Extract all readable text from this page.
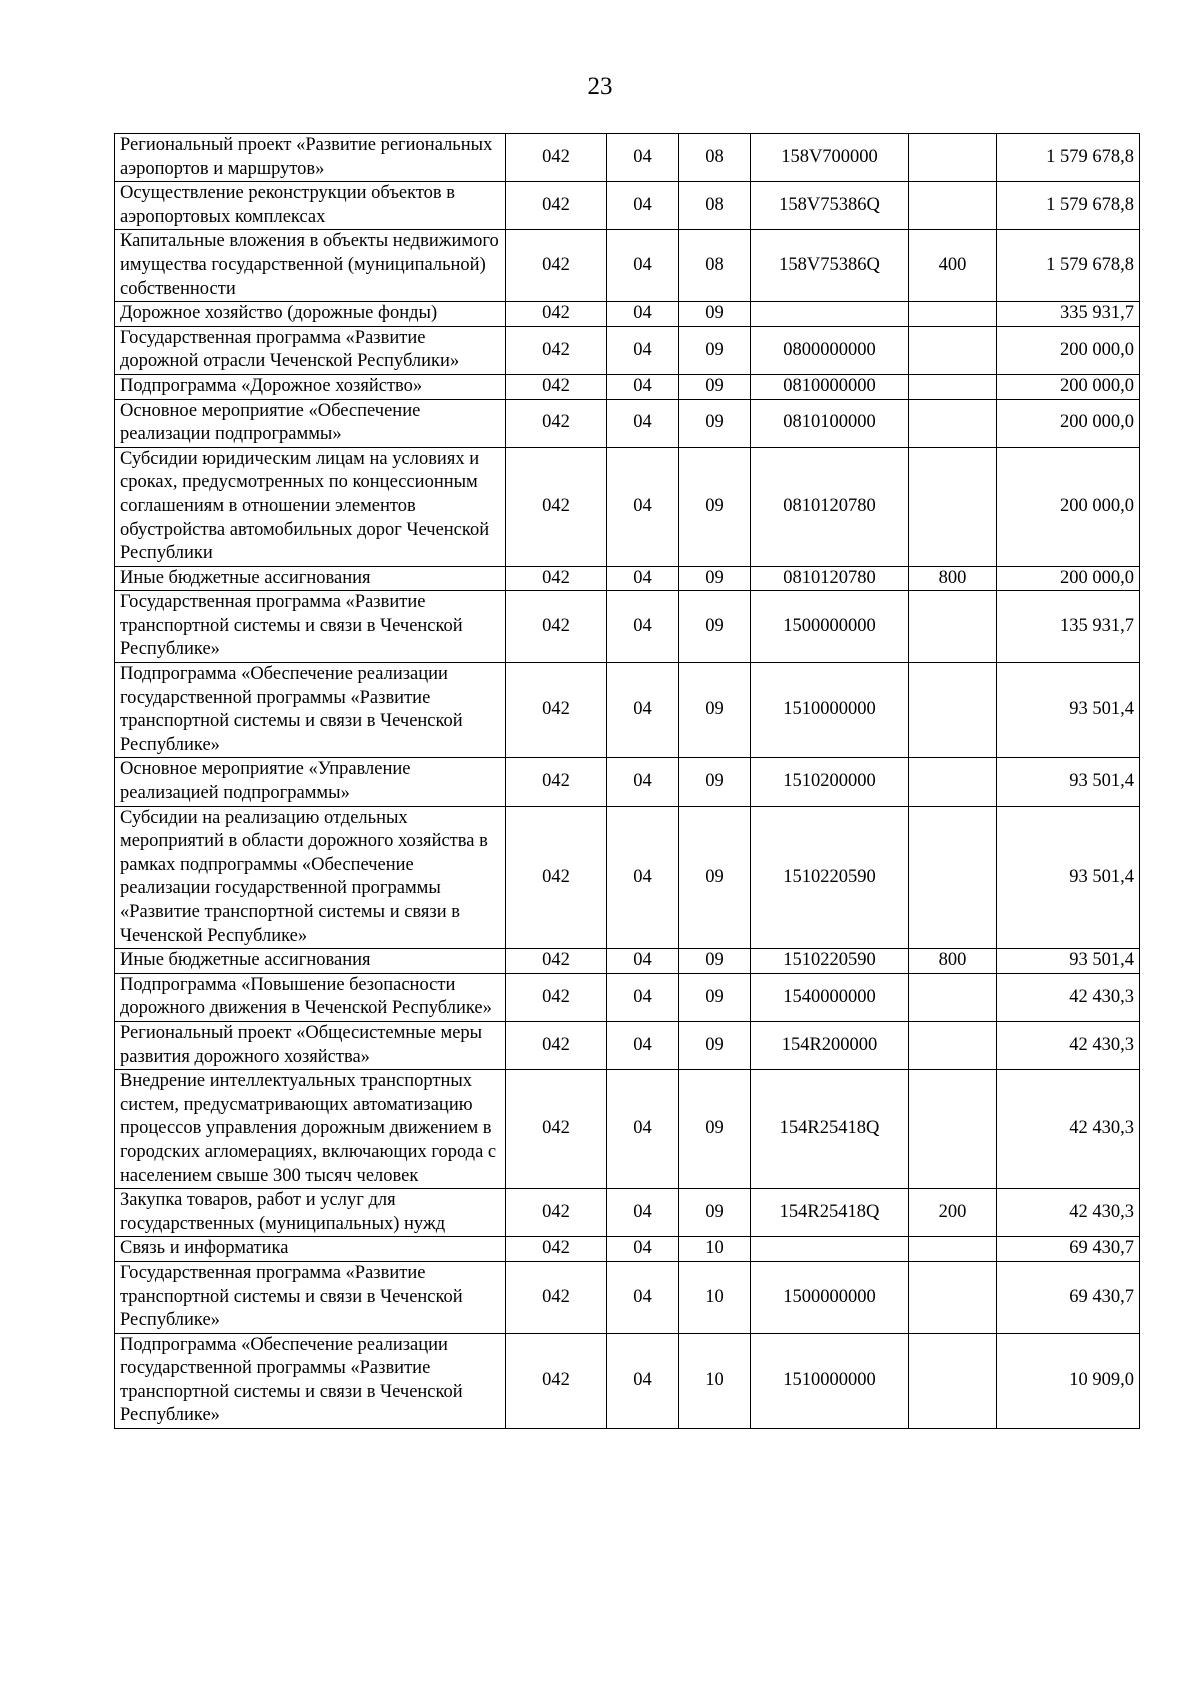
23
Региональный проект «Развитие региональных аэропортов и маршрутов»	042	04	08	158V700000		1 579 678,8
Осуществление реконструкции объектов в аэропортовых комплексах	042	04	08	158V75386Q		1 579 678,8
Капитальные вложения в объекты недвижимого имущества государственной (муниципальной) собственности	042	04	08	158V75386Q	400	1 579 678,8
Дорожное хозяйство (дорожные фонды)	042	04	09			335 931,7
Государственная программа «Развитие дорожной отрасли Чеченской Республики»	042	04	09	0800000000		200 000,0
Подпрограмма «Дорожное хозяйство»	042	04	09	0810000000		200 000,0
Основное мероприятие «Обеспечение реализации подпрограммы»	042	04	09	0810100000		200 000,0
Субсидии юридическим лицам на условиях и сроках, предусмотренных по концессионным соглашениям в отношении элементов обустройства автомобильных дорог Чеченской Республики	042	04	09	0810120780		200 000,0
Иные бюджетные ассигнования	042	04	09	0810120780	800	200 000,0
Государственная программа «Развитие транспортной системы и связи в Чеченской Республике»	042	04	09	1500000000		135 931,7
Подпрограмма «Обеспечение реализации государственной программы «Развитие транспортной системы и связи в Чеченской Республике»	042	04	09	1510000000		93 501,4
Основное мероприятие «Управление реализацией подпрограммы»	042	04	09	1510200000		93 501,4
Субсидии на реализацию отдельных мероприятий в области дорожного хозяйства в рамках подпрограммы «Обеспечение реализации государственной программы «Развитие транспортной системы и связи в Чеченской Республике»	042	04	09	1510220590		93 501,4
Иные бюджетные ассигнования	042	04	09	1510220590	800	93 501,4
Подпрограмма «Повышение безопасности дорожного движения в Чеченской Республике»	042	04	09	1540000000		42 430,3
Региональный проект «Общесистемные меры развития дорожного хозяйства»	042	04	09	154R200000		42 430,3
Внедрение интеллектуальных транспортных систем, предусматривающих автоматизацию процессов управления дорожным движением в городских агломерациях, включающих города с населением свыше 300 тысяч человек	042	04	09	154R25418Q		42 430,3
Закупка товаров, работ и услуг для государственных (муниципальных) нужд	042	04	09	154R25418Q	200	42 430,3
Связь и информатика	042	04	10			69 430,7
Государственная программа «Развитие транспортной системы и связи в Чеченской Республике»	042	04	10	1500000000		69 430,7
Подпрограмма «Обеспечение реализации государственной программы «Развитие транспортной системы и связи в Чеченской Республике»	042	04	10	1510000000		10 909,0
